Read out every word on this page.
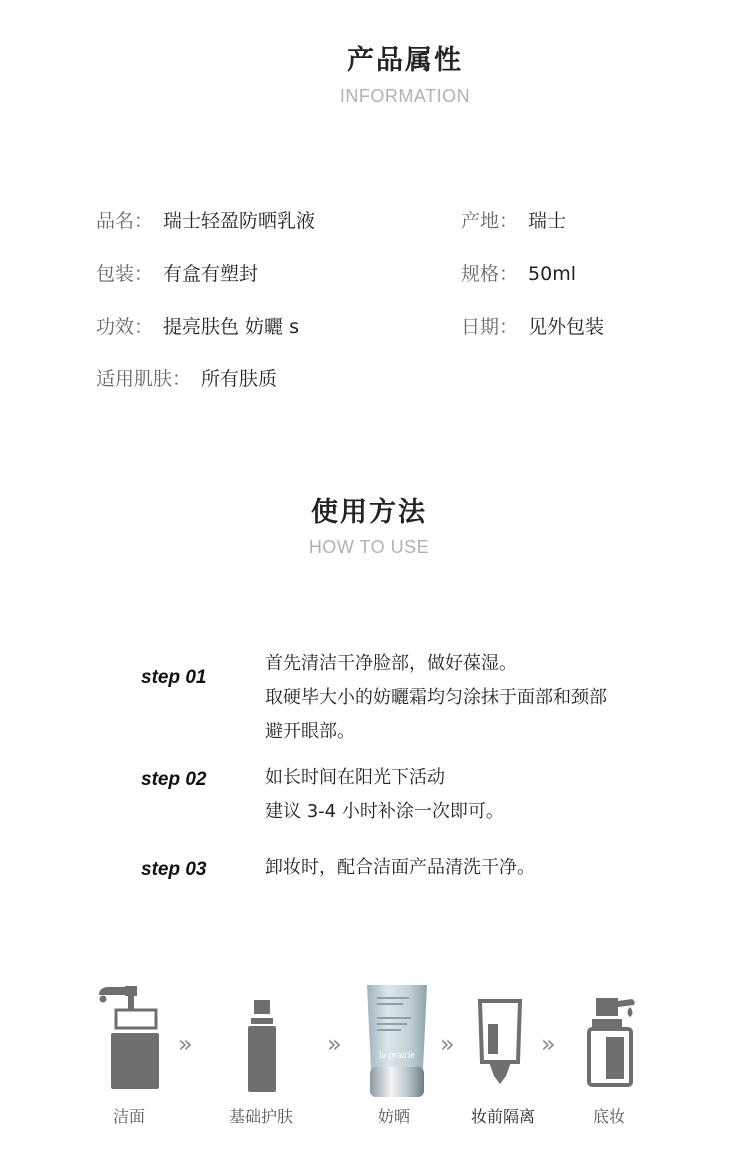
产品属性
INFORMATION
品名： 瑞士轻盈防晒乳液	产地： 瑞士
包装： 有盒有塑封	规格： 50ml
功效： 提亮肤色 妨曬 s	日期： 见外包装
适用肌肤： 所有肤质
使用方法
HOW TO USE
step 01
首先清洁干净脸部，做好葆湿。
取硬毕大小的妨曬霜均匀涂抹于面部和颈部
避开眼部。
step 02	如长时间在阳光下活动
建议 3-4 小时补涂一次即可。
step 03	卸妆时，配合洁面产品清洗干净。
»	»	la prairie	»	»
洁面	基础护肤	妨晒	妆前隔离	底妆
